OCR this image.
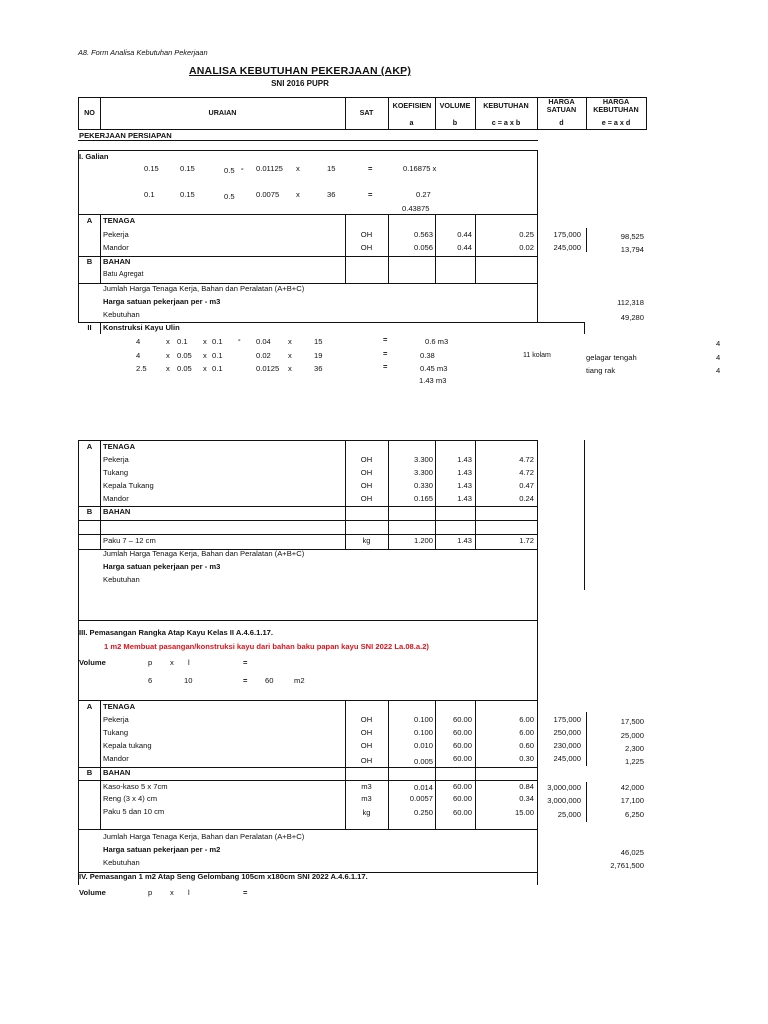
A8. Form Analisa Kebutuhan Pekerjaan
ANALISA KEBUTUHAN PEKERJAAN (AKP)
SNI 2016 PUPR
NO	URAIAN	SAT
KOEFISIEN	VOLUME	KEBUTUHAN	HARGA
SATUAN
HARGA
KEBUTUHAN
a	b	c = a x b	d	e = a x d
PEKERJAAN PERSIAPAN
I. Galian
0.15	0.15	0.5 - 0.01125 x	15	=	0.16875 x
0.1	0.15	0.5	0.0075 x	36	=	0.27
0.43875
A	TENAGA
Pekerja	OH	0.563	0.44	0.25	175,000	98,525
Mandor	OH	0.056	0.44	0.02	245,000	13,794
B	BAHAN
Batu Agregat
Jumlah Harga Tenaga Kerja, Bahan dan Peralatan (A+B+C)
Harga satuan pekerjaan per - m3	112,318
Kebutuhan	49,280
II	Konstruksi Kayu Ulin
4	x 0.1 x 0.1 - 0.04 x	15	=	0.6 m3	4
4	x 0.05 x 0.1	0.02 x	19	=	0.38	11 kolam	gelagar tengah	4
2.5	x 0.05 x 0.1	0.0125 x	36	=	0.45 m3	tiang rak	4
1.43 m3
A	TENAGA
Pekerja	OH	3.300	1.43	4.72
Tukang	OH	3.300	1.43	4.72
Kepala Tukang	OH	0.330	1.43	0.47
Mandor	OH	0.165	1.43	0.24
B	BAHAN
Paku 7 – 12 cm	kg	1.200	1.43	1.72
Jumlah Harga Tenaga Kerja, Bahan dan Peralatan (A+B+C)
Harga satuan pekerjaan per - m3
Kebutuhan
III. Pemasangan Rangka Atap Kayu Kelas II A.4.6.1.17.
1 m2 Membuat pasangan/konstruksi kayu dari bahan baku papan kayu SNI 2022 La.08.a.2)
Volume	p x l	=
6	10	= 60	m2
A	TENAGA
Pekerja	OH	0.100	60.00	6.00	175,000	17,500
Tukang	OH	0.100	60.00	6.00	250,000	25,000
Kepala tukang	OH	0.010	60.00	0.60	230,000	2,300
Mandor	OH	0.005	60.00	0.30	245,000	1,225
B	BAHAN
Kaso-kaso 5 x 7cm	m3	0.014	60.00	0.84	3,000,000	42,000
Reng (3 x 4) cm	m3	0.0057	60.00	0.34	3,000,000	17,100
Paku 5 dan 10 cm	kg	0.250	60.00	15.00	25,000	6,250
Jumlah Harga Tenaga Kerja, Bahan dan Peralatan (A+B+C)
Harga satuan pekerjaan per - m2	46,025
Kebutuhan	2,761,500
IV. Pemasangan 1 m2 Atap Seng Gelombang 105cm x180cm SNI 2022 A.4.6.1.17.
Volume	p x l	=
